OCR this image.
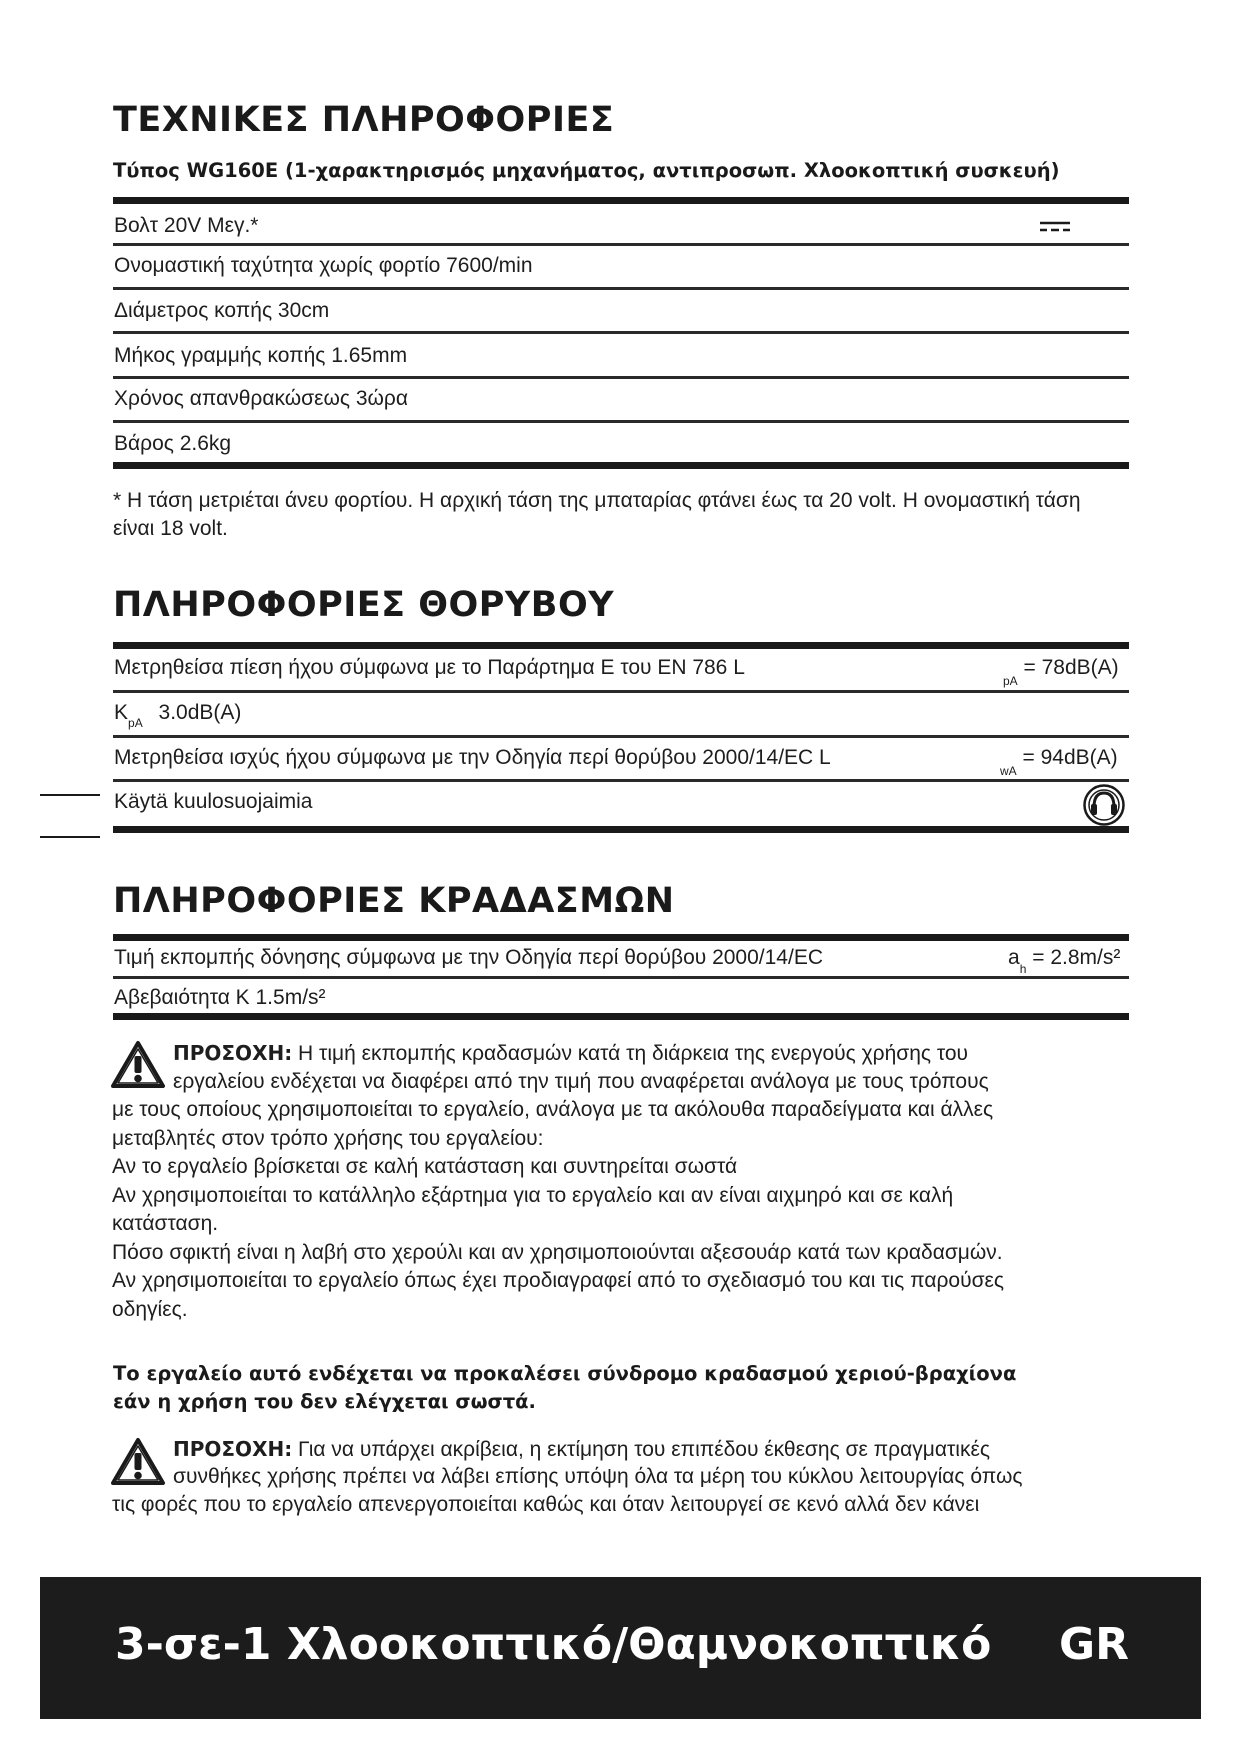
ΤΕΧΝΙΚΕΣ ΠΛΗΡΟΦΟΡΙΕΣ
Τύπος WG160E (1-χαρακτηρισμός μηχανήματος, αντιπροσωπ. Χλοοκοπτική συσκευή)
Βολτ 20V Μεγ.*
Ονομαστική ταχύτητα χωρίς φορτίο 7600/min
Διάμετρος κοπής 30cm
Μήκος γραμμής κοπής 1.65mm
Χρόνος απανθρακώσεως 3ώρα
Βάρος 2.6kg
* Η τάση μετριέται άνευ φορτίου. Η αρχική τάση της μπαταρίας φτάνει έως τα 20 volt. Η ονομαστική τάση είναι 18 volt.
ΠΛΗΡΟΦΟΡΙΕΣ ΘΟΡΥΒΟΥ
Μετρηθείσα πίεση ήχου σύμφωνα με το Παράρτημα Ε του EN 786 L
$_{pA}$ = 78dB(A)
$K_{pA}$ 3.0dB(A)
Μετρηθείσα ισχύς ήχου σύμφωνα με την Οδηγία περί θορύβου 2000/14/EC L
$_{wA}$ = 94dB(A)
Käytä kuulosuojaimia
ΠΛΗΡΟΦΟΡΙΕΣ ΚΡΑΔΑΣΜΩΝ
Τιμή εκπομπής δόνησης σύμφωνα με την Οδηγία περί θορύβου 2000/14/EC	$a_h = 2.8m/s^2$
Αβεβαιότητα K 1.5m/s²
ΠΡΟΣΟΧΗ: Η τιμή εκπομπής κραδασμών κατά τη διάρκεια της ενεργούς χρήσης του
εργαλείου ενδέχεται να διαφέρει από την τιμή που αναφέρεται ανάλογα με τους τρόπους
με τους οποίους χρησιμοποιείται το εργαλείο, ανάλογα με τα ακόλουθα παραδείγματα και άλλες
μεταβλητές στον τρόπο χρήσης του εργαλείου:
Αν το εργαλείο βρίσκεται σε καλή κατάσταση και συντηρείται σωστά
Αν χρησιμοποιείται το κατάλληλο εξάρτημα για το εργαλείο και αν είναι αιχμηρό και σε καλή
κατάσταση.
Πόσο σφικτή είναι η λαβή στο χερούλι και αν χρησιμοποιούνται αξεσουάρ κατά των κραδασμών.
Αν χρησιμοποιείται το εργαλείο όπως έχει προδιαγραφεί από το σχεδιασμό του και τις παρούσες
οδηγίες.
Το εργαλείο αυτό ενδέχεται να προκαλέσει σύνδρομο κραδασμού χεριού-βραχίονα
εάν η χρήση του δεν ελέγχεται σωστά.
ΠΡΟΣΟΧΗ: Για να υπάρχει ακρίβεια, η εκτίμηση του επιπέδου έκθεσης σε πραγματικές
συνθήκες χρήσης πρέπει να λάβει επίσης υπόψη όλα τα μέρη του κύκλου λειτουργίας όπως
τις φορές που το εργαλείο απενεργοποιείται καθώς και όταν λειτουργεί σε κενό αλλά δεν κάνει
3-σε-1 Χλοοκοπτικό/Θαμνοκοπτικό GR
